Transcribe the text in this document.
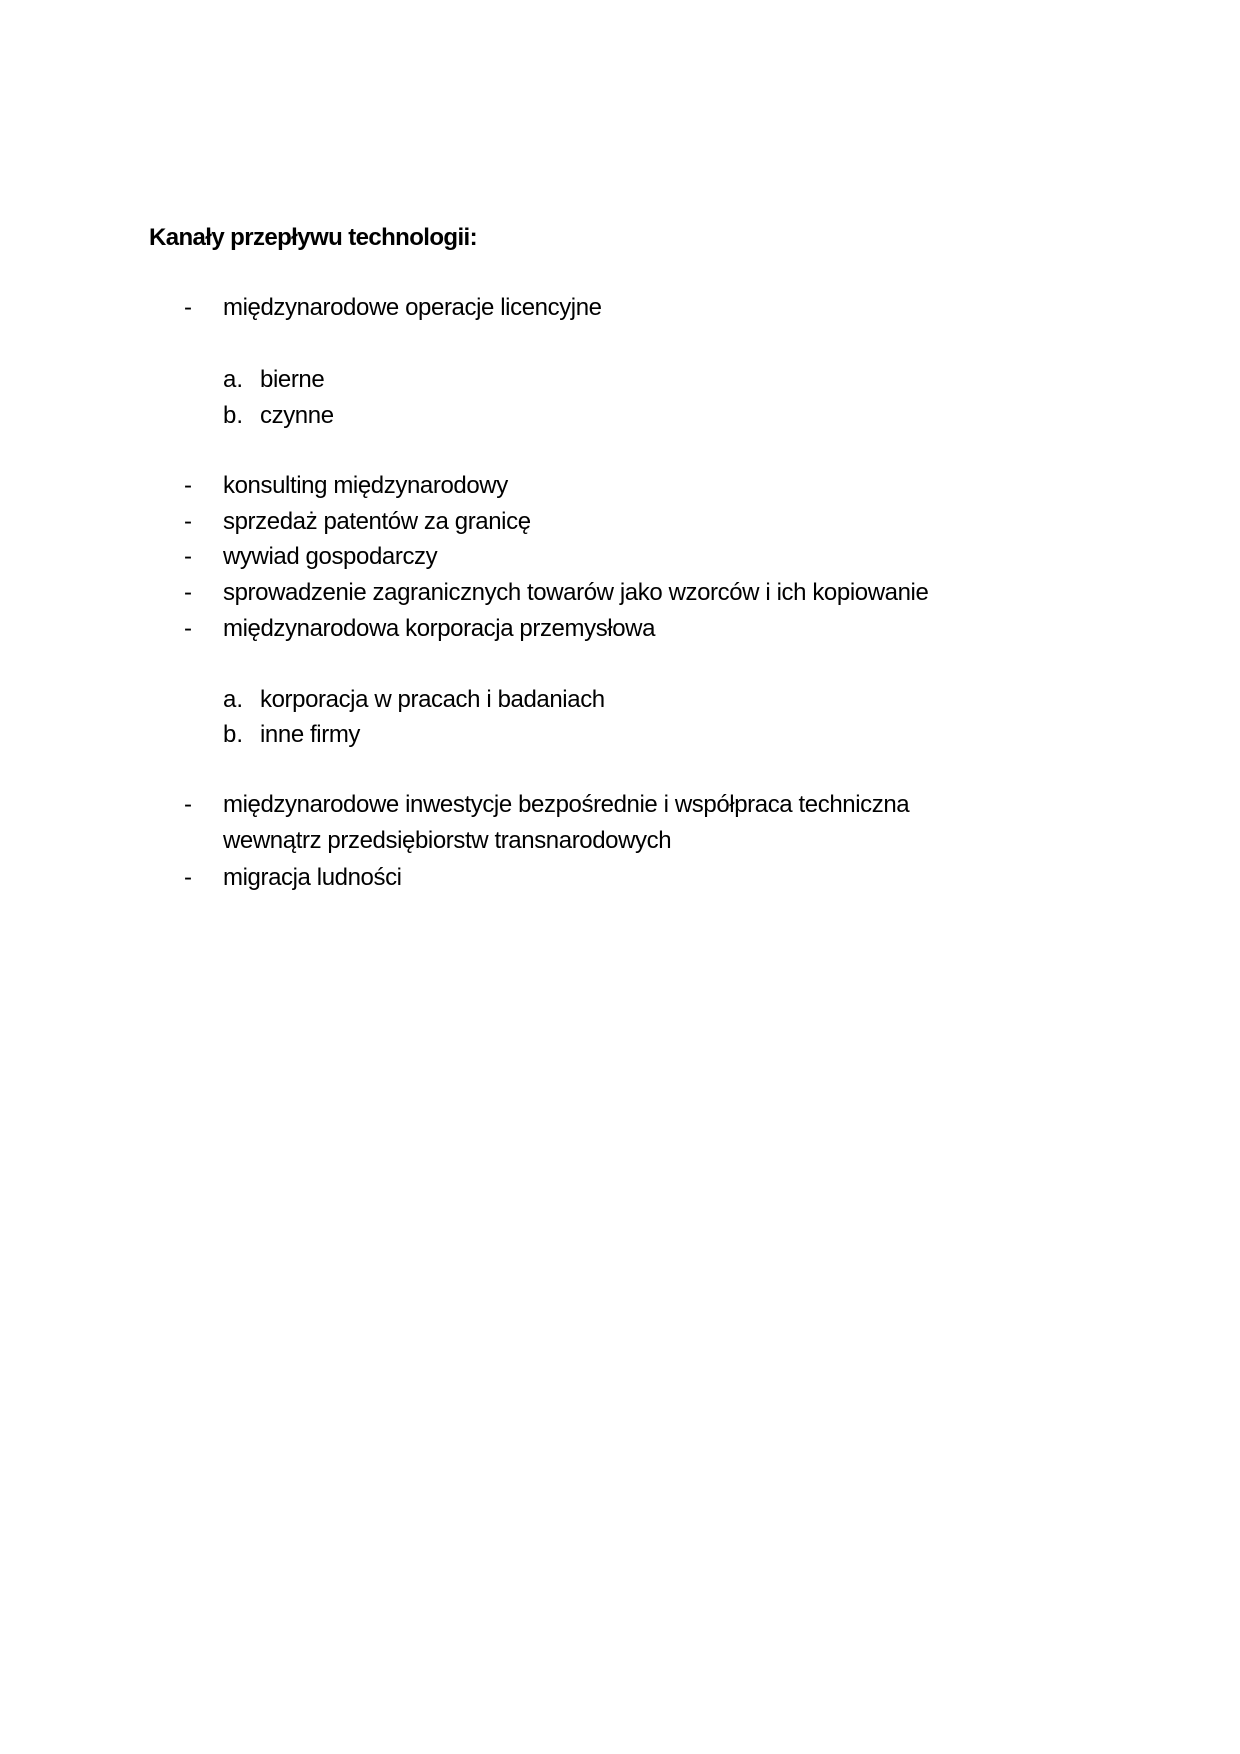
Kanały przepływu technologii:
- międzynarodowe operacje licencyjne
a. bierne
b. czynne
- konsulting międzynarodowy
- sprzedaż patentów za granicę
- wywiad gospodarczy
- sprowadzenie zagranicznych towarów jako wzorców i ich kopiowanie
- międzynarodowa korporacja przemysłowa
a. korporacja w pracach i badaniach
b. inne firmy
- międzynarodowe inwestycje bezpośrednie i współpraca techniczna
wewnątrz przedsiębiorstw transnarodowych
- migracja ludności
